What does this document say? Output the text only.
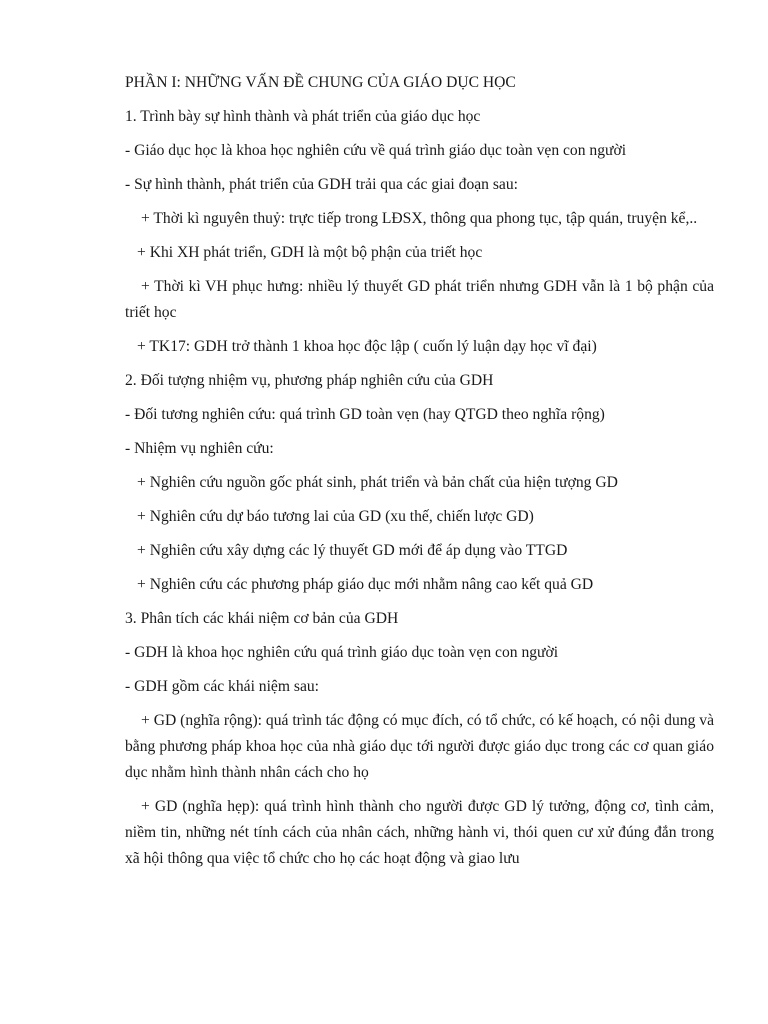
PHẦN I: NHỮNG VẤN ĐỀ CHUNG CỦA GIÁO DỤC HỌC

1. Trình bày sự hình thành và phát triển của giáo dục học

- Giáo dục học là khoa học nghiên cứu về quá trình giáo dục toàn vẹn con người

- Sự hình thành, phát triển của GDH trải qua các giai đoạn sau:

+ Thời kì nguyên thuỷ: trực tiếp trong LĐSX, thông qua phong tục, tập quán, truyện kể,..

+ Khi XH phát triển, GDH là một bộ phận của triết học

+ Thời kì VH phục hưng: nhiều lý thuyết GD phát triển nhưng GDH vẫn là 1 bộ phận của triết học

+ TK17: GDH trở thành 1 khoa học độc lập ( cuốn lý luận dạy học vĩ đại)

2. Đối tượng nhiệm vụ, phương pháp nghiên cứu của GDH

- Đối tương nghiên cứu: quá trình GD toàn vẹn (hay QTGD theo nghĩa rộng)

- Nhiệm vụ nghiên cứu:

+ Nghiên cứu nguồn gốc phát sinh, phát triển và bản chất của hiện tượng GD

+ Nghiên cứu dự báo tương lai của GD (xu thế, chiến lược GD)

+ Nghiên cứu xây dựng các lý thuyết GD mới để áp dụng vào TTGD

+ Nghiên cứu các phương pháp giáo dục mới nhằm nâng cao kết quả GD

3. Phân tích các khái niệm cơ bản của GDH

- GDH là khoa học nghiên cứu quá trình giáo dục toàn vẹn con người

- GDH gồm các khái niệm sau:

+ GD (nghĩa rộng): quá trình tác động có mục đích, có tổ chức, có kế hoạch, có nội dung và bằng phương pháp khoa học của nhà giáo dục tới người được giáo dục trong các cơ quan giáo dục nhằm hình thành nhân cách cho họ

+ GD (nghĩa hẹp): quá trình hình thành cho người được GD lý tưởng, động cơ, tình cảm, niềm tin, những nét tính cách của nhân cách, những hành vi, thói quen cư xử đúng đắn trong xã hội thông qua việc tổ chức cho họ các hoạt động và giao lưu
